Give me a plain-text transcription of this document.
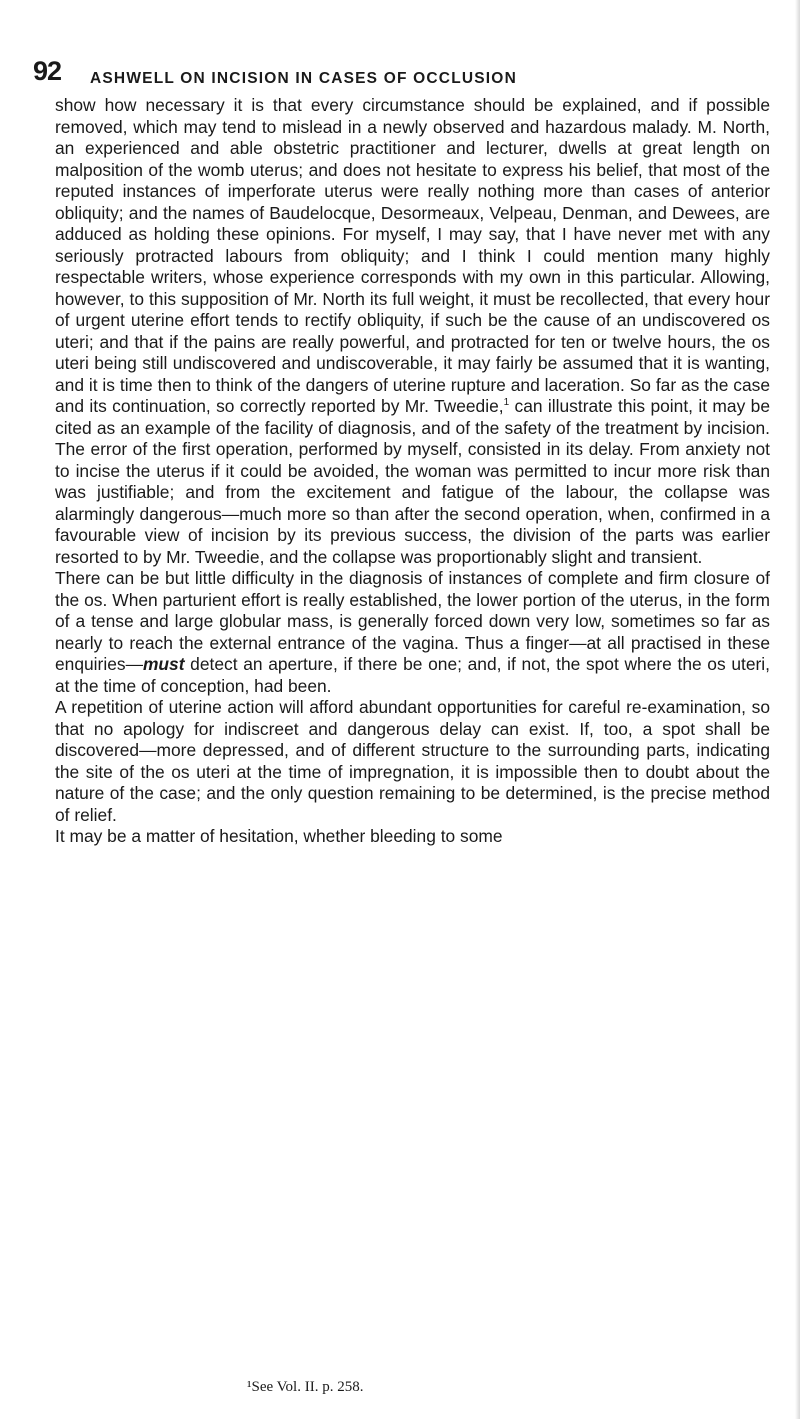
92 ASHWELL ON INCISION IN CASES OF OCCLUSION

show how necessary it is that every circumstance should be explained, and if possible removed, which may tend to mislead in a newly observed and hazardous malady. M. North, an experienced and able obstetric practitioner and lecturer, dwells at great length on malposition of the womb uterus; and does not hesitate to express his belief, that most of the reputed instances of imperforate uterus were really nothing more than cases of anterior obliquity; and the names of Baudelocque, Desormeaux, Velpeau, Denman, and Dewees, are adduced as holding these opinions. For myself, I may say, that I have never met with any seriously protracted labours from obliquity; and I think I could mention many highly respectable writers, whose experience corresponds with my own in this particular. Allowing, however, to this supposition of Mr. North its full weight, it must be recollected, that every hour of urgent uterine effort tends to rectify obliquity, if such be the cause of an undiscovered os uteri; and that if the pains are really powerful, and protracted for ten or twelve hours, the os uteri being still undiscovered and undiscoverable, it may fairly be assumed that it is wanting, and it is time then to think of the dangers of uterine rupture and laceration. So far as the case and its continuation, so correctly reported by Mr. Tweedie,$^1$ can illustrate this point, it may be cited as an example of the facility of diagnosis, and of the safety of the treatment by incision. The error of the first operation, performed by myself, consisted in its delay. From anxiety not to incise the uterus if it could be avoided, the woman was permitted to incur more risk than was justifiable; and from the excitement and fatigue of the labour, the collapse was alarmingly dangerous—much more so than after the second operation, when, confirmed in a favourable view of incision by its previous success, the division of the parts was earlier resorted to by Mr. Tweedie, and the collapse was proportionably slight and transient.

There can be but little difficulty in the diagnosis of instances of complete and firm closure of the os. When parturient effort is really established, the lower portion of the uterus, in the form of a tense and large globular mass, is generally forced down very low, sometimes so far as nearly to reach the external entrance of the vagina. Thus a finger—at all practised in these enquiries—must detect an aperture, if there be one; and, if not, the spot where the os uteri, at the time of conception, had been.

A repetition of uterine action will afford abundant opportunities for careful re-examination, so that no apology for indiscreet and dangerous delay can exist. If, too, a spot shall be discovered—more depressed, and of different structure to the surrounding parts, indicating the site of the os uteri at the time of impregnation, it is impossible then to doubt about the nature of the case; and the only question remaining to be determined, is the precise method of relief.

It may be a matter of hesitation, whether bleeding to some

¹See Vol. II. p. 258.
